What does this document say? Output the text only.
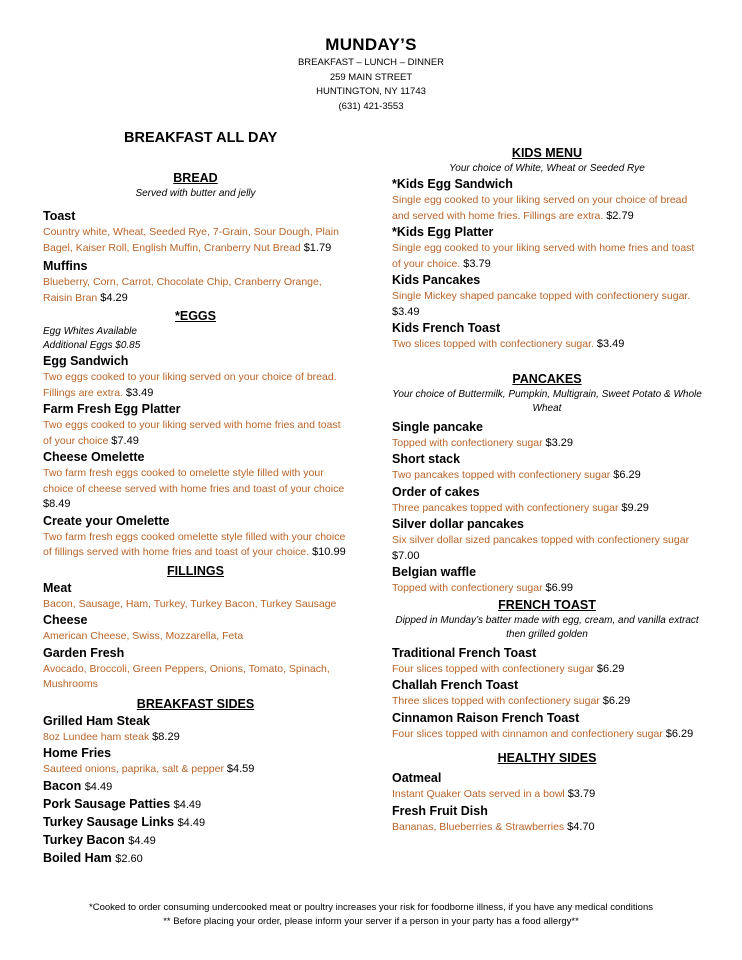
MUNDAY’S
BREAKFAST – LUNCH – DINNER
259 MAIN STREET
HUNTINGTON, NY 11743
(631) 421-3553
BREAKFAST ALL DAY
BREAD
Served with butter and jelly
Toast
Country white, Wheat, Seeded Rye, 7-Grain, Sour Dough, Plain Bagel, Kaiser Roll, English Muffin, Cranberry Nut Bread $1.79
Muffins
Blueberry, Corn, Carrot, Chocolate Chip, Cranberry Orange, Raisin Bran $4.29
*EGGS
Egg Whites Available
Additional Eggs $0.85
Egg Sandwich
Two eggs cooked to your liking served on your choice of bread. Fillings are extra. $3.49
Farm Fresh Egg Platter
Two eggs cooked to your liking served with home fries and toast of your choice $7.49
Cheese Omelette
Two farm fresh eggs cooked to omelette style filled with your choice of cheese served with home fries and toast of your choice $8.49
Create your Omelette
Two farm fresh eggs cooked omelette style filled with your choice of fillings served with home fries and toast of your choice. $10.99
FILLINGS
Meat
Bacon, Sausage, Ham, Turkey, Turkey Bacon, Turkey Sausage
Cheese
American Cheese, Swiss, Mozzarella, Feta
Garden Fresh
Avocado, Broccoli, Green Peppers, Onions, Tomato, Spinach, Mushrooms
BREAKFAST SIDES
Grilled Ham Steak
8oz Lundee ham steak $8.29
Home Fries
Sauteed onions, paprika, salt & pepper $4.59
Bacon $4.49
Pork Sausage Patties $4.49
Turkey Sausage Links $4.49
Turkey Bacon $4.49
Boiled Ham $2.60
KIDS MENU
Your choice of White, Wheat or Seeded Rye
*Kids Egg Sandwich
Single egg cooked to your liking served on your choice of bread and served with home fries. Fillings are extra. $2.79
*Kids Egg Platter
Single egg cooked to your liking served with home fries and toast of your choice. $3.79
Kids Pancakes
Single Mickey shaped pancake topped with confectionery sugar. $3.49
Kids French Toast
Two slices topped with confectionery sugar. $3.49
PANCAKES
Your choice of Buttermilk, Pumpkin, Multigrain, Sweet Potato & Whole Wheat
Single pancake
Topped with confectionery sugar $3.29
Short stack
Two pancakes topped with confectionery sugar $6.29
Order of cakes
Three pancakes topped with confectionery sugar $9.29
Silver dollar pancakes
Six silver dollar sized pancakes topped with confectionery sugar $7.00
Belgian waffle
Topped with confectionery sugar $6.99
FRENCH TOAST
Dipped in Munday’s batter made with egg, cream, and vanilla extract then grilled golden
Traditional French Toast
Four slices topped with confectionery sugar $6.29
Challah French Toast
Three slices topped with confectionery sugar $6.29
Cinnamon Raison French Toast
Four slices topped with cinnamon and confectionery sugar $6.29
HEALTHY SIDES
Oatmeal
Instant Quaker Oats served in a bowl $3.79
Fresh Fruit Dish
Bananas, Blueberries & Strawberries $4.70
*Cooked to order consuming undercooked meat or poultry increases your risk for foodborne illness, if you have any medical conditions
** Before placing your order, please inform your server if a person in your party has a food allergy**
